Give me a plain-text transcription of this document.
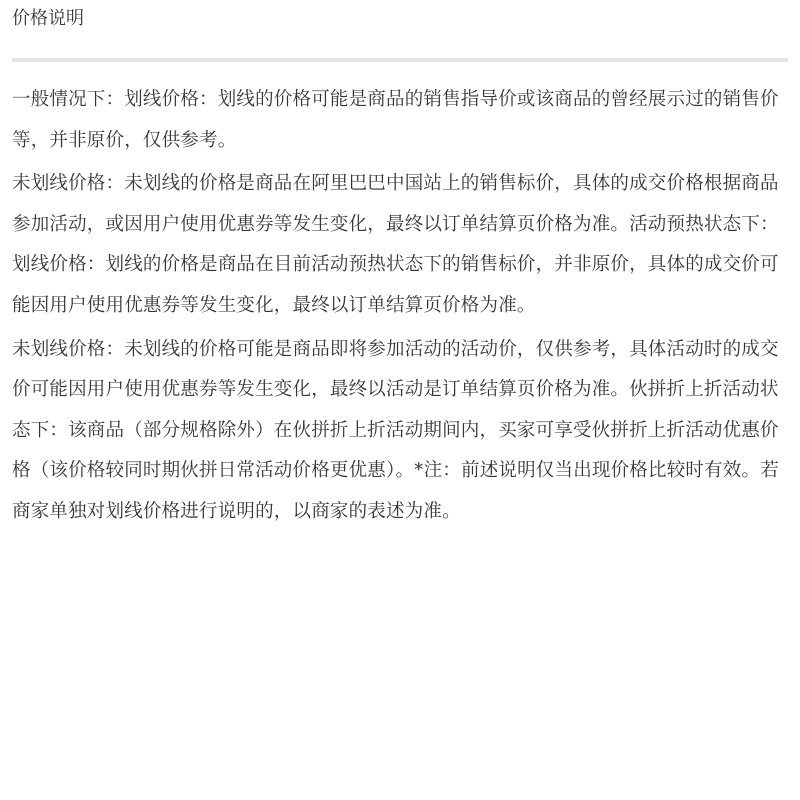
价格说明

一般情况下：划线价格：划线的价格可能是商品的销售指导价或该商品的曾经展示过的销售价等，并非原价，仅供参考。

未划线价格：未划线的价格是商品在阿里巴巴中国站上的销售标价，具体的成交价格根据商品参加活动，或因用户使用优惠券等发生变化，最终以订单结算页价格为准。活动预热状态下：划线价格：划线的价格是商品在目前活动预热状态下的销售标价，并非原价，具体的成交价可能因用户使用优惠券等发生变化，最终以订单结算页价格为准。

未划线价格：未划线的价格可能是商品即将参加活动的活动价，仅供参考，具体活动时的成交价可能因用户使用优惠券等发生变化，最终以活动是订单结算页价格为准。伙拼折上折活动状态下：该商品（部分规格除外）在伙拼折上折活动期间内，买家可享受伙拼折上折活动优惠价格（该价格较同时期伙拼日常活动价格更优惠）。*注：前述说明仅当出现价格比较时有效。若商家单独对划线价格进行说明的，以商家的表述为准。
